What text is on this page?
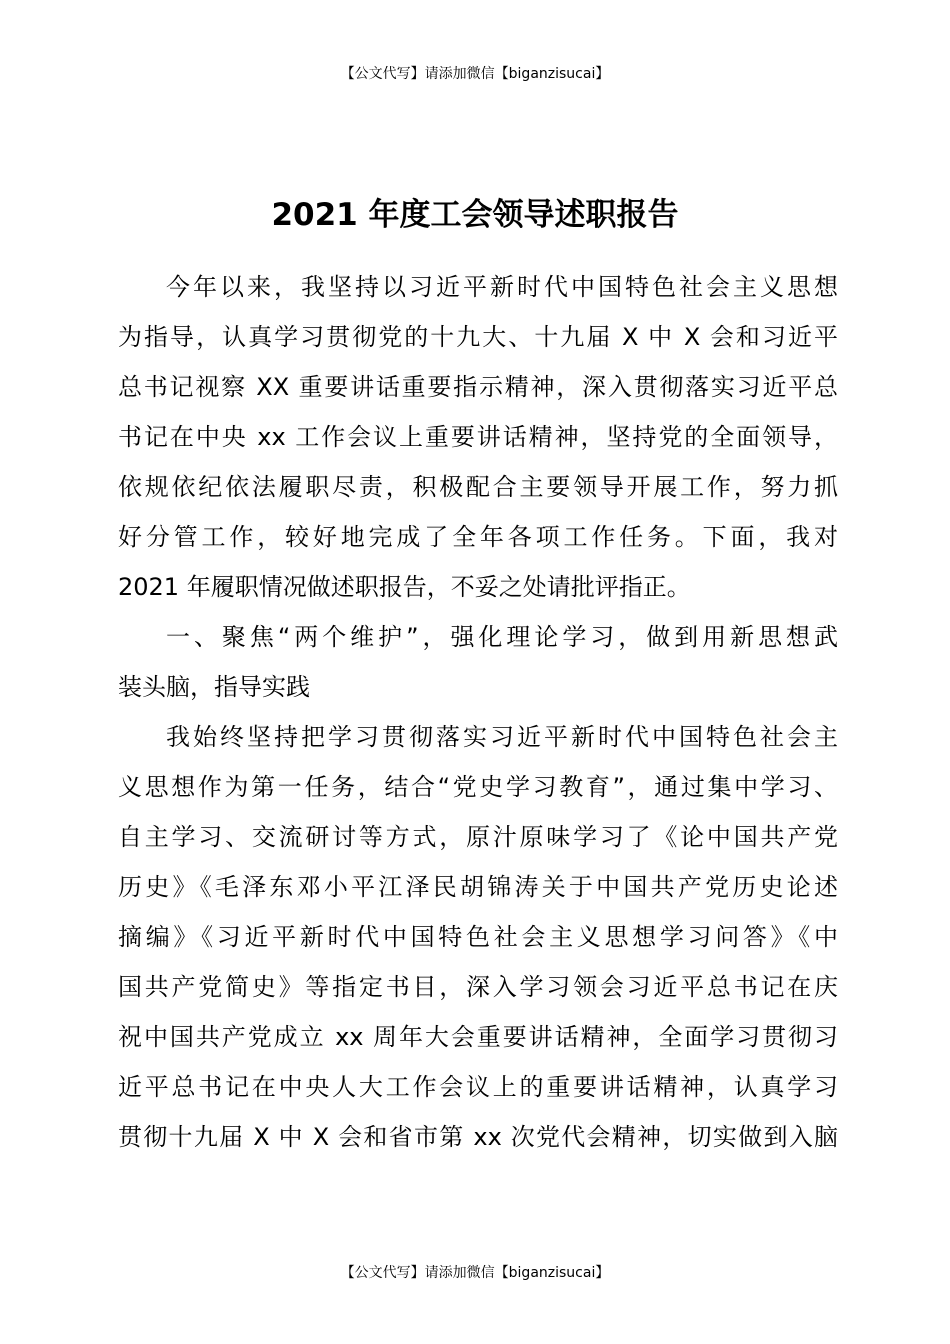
【公文代写】请添加微信【biganzisucai】
2021 年度工会领导述职报告
今年以来，我坚持以习近平新时代中国特色社会主义思想
为指导，认真学习贯彻党的十九大、十九届 X 中 X 会和习近平
总书记视察 XX 重要讲话重要指示精神，深入贯彻落实习近平总
书记在中央 xx 工作会议上重要讲话精神，坚持党的全面领导，
依规依纪依法履职尽责，积极配合主要领导开展工作，努力抓
好分管工作，较好地完成了全年各项工作任务。下面，我对
2021 年履职情况做述职报告，不妥之处请批评指正。
一、聚焦“两个维护”，强化理论学习，做到用新思想武
装头脑，指导实践
我始终坚持把学习贯彻落实习近平新时代中国特色社会主
义思想作为第一任务，结合“党史学习教育”，通过集中学习、
自主学习、交流研讨等方式，原汁原味学习了《论中国共产党
历史》《毛泽东邓小平江泽民胡锦涛关于中国共产党历史论述
摘编》《习近平新时代中国特色社会主义思想学习问答》《中
国共产党简史》等指定书目，深入学习领会习近平总书记在庆
祝中国共产党成立 xx 周年大会重要讲话精神，全面学习贯彻习
近平总书记在中央人大工作会议上的重要讲话精神，认真学习
贯彻十九届 X 中 X 会和省市第 xx 次党代会精神，切实做到入脑
【公文代写】请添加微信【biganzisucai】
